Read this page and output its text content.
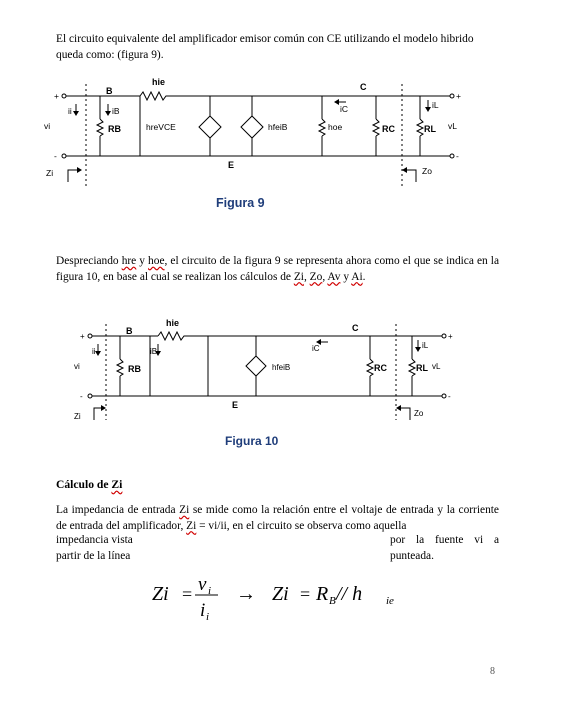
El circuito equivalente del amplificador emisor común con CE utilizando el modelo hibrido queda como: (figura 9).
+
-
+
-
vi	vL
B
hie	C
E
ii	iB	iC	iL
RB	hreVCE	hfeiB	hoe	RC	RL
Zi	Zo
Figura 9
Despreciando hre y hoe, el circuito de la figura 9 se representa ahora como el que se indica en la figura 10, en base al cual se realizan los cálculos de Zi, Zo, Av y Ai.
+
-
+
-
vi	vL
B
hie	C
E
ii	iB	iC	iL
RB	hfeiB	RC	RL
Zi	Zo
Figura 10
Cálculo de Zi
La impedancia de entrada Zi se mide como la relación entre el voltaje de entrada y la corriente de entrada del amplificador, Zi = vi/ii, en el circuito se observa como aquella
impedancia vista	por la fuente vi a
partir de la línea	punteada.
Zi = v i
i i
→ Zi = R B // h ie
8
